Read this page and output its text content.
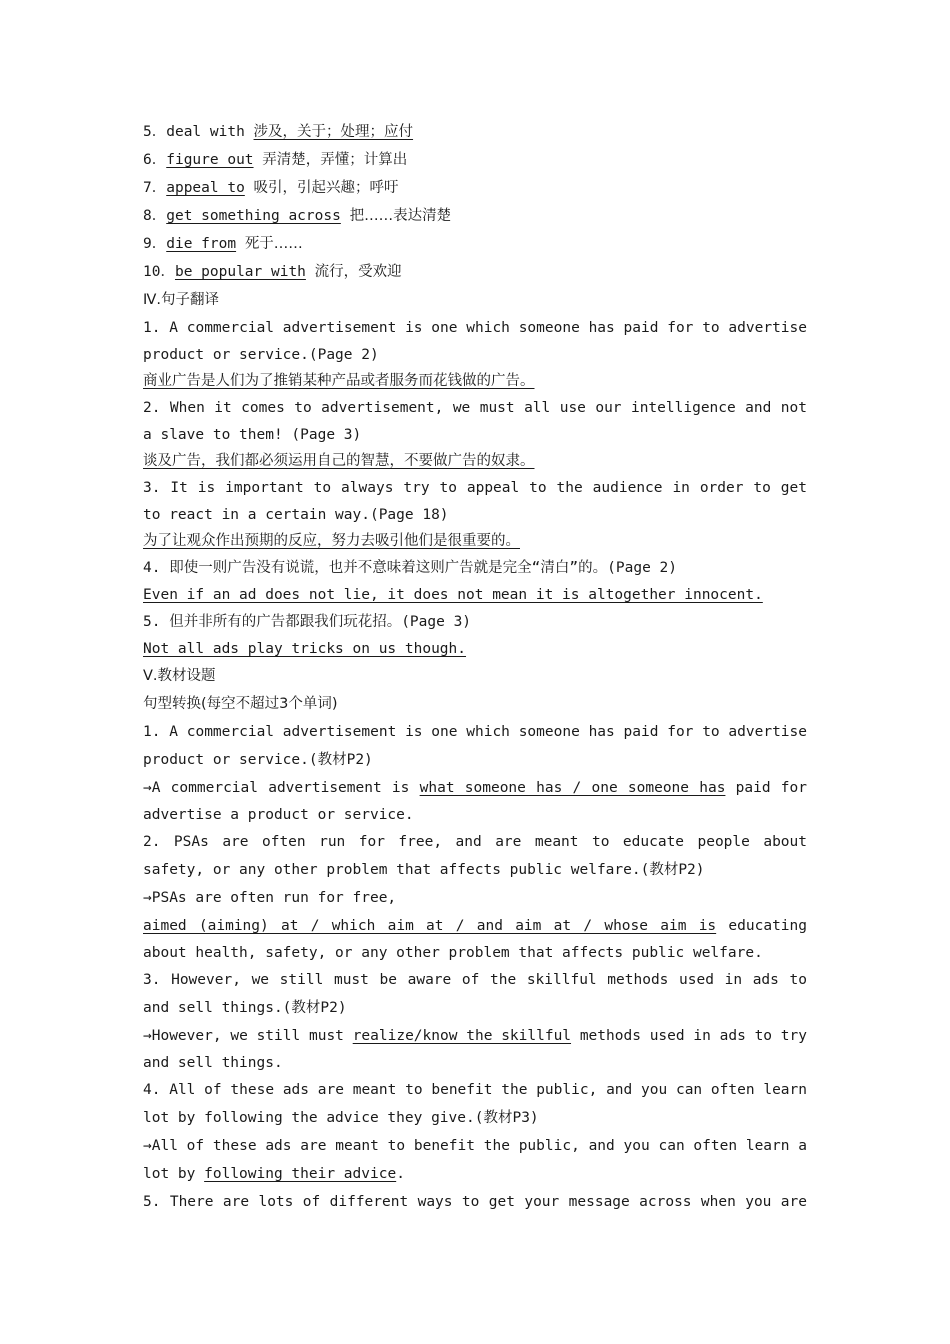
5．deal with 涉及，关于；处理；应付
6．figure out 弄清楚，弄懂；计算出
7．appeal to 吸引，引起兴趣；呼吁
8．get something across 把……表达清楚
9．die from 死于……
10．be popular with 流行，受欢迎
Ⅳ.句子翻译
1. A commercial advertisement is one which someone has paid for to advertise
product or service.(Page 2)
商业广告是人们为了推销某种产品或者服务而花钱做的广告。
2. When it comes to advertisement, we must all use our intelligence and not
a slave to them! (Page 3)
谈及广告，我们都必须运用自己的智慧，不要做广告的奴隶。
3. It is important to always try to appeal to the audience in order to get
to react in a certain way.(Page 18)
为了让观众作出预期的反应，努力去吸引他们是很重要的。
4. 即使一则广告没有说谎，也并不意味着这则广告就是完全“清白”的。(Page 2)
Even if an ad does not lie, it does not mean it is altogether innocent.
5. 但并非所有的广告都跟我们玩花招。(Page 3)
Not all ads play tricks on us though.
Ⅴ.教材设题
句型转换(每空不超过3个单词)
1. A commercial advertisement is one which someone has paid for to advertise
product or service.(教材P2)
→A commercial advertisement is what someone has / one someone has paid for
advertise a product or service.
2. PSAs are often run for free, and are meant to educate people about
safety, or any other problem that affects public welfare.(教材P2)
→PSAs are often run for free,
aimed (aiming) at / which aim at / and aim at / whose aim is educating
about health, safety, or any other problem that affects public welfare.
3. However, we still must be aware of the skillful methods used in ads to
and sell things.(教材P2)
→However, we still must realize/know the skillful methods used in ads to try
and sell things.
4. All of these ads are meant to benefit the public, and you can often learn
lot by following the advice they give.(教材P3)
→All of these ads are meant to benefit the public, and you can often learn a
lot by following their advice.
5. There are lots of different ways to get your message across when you are
